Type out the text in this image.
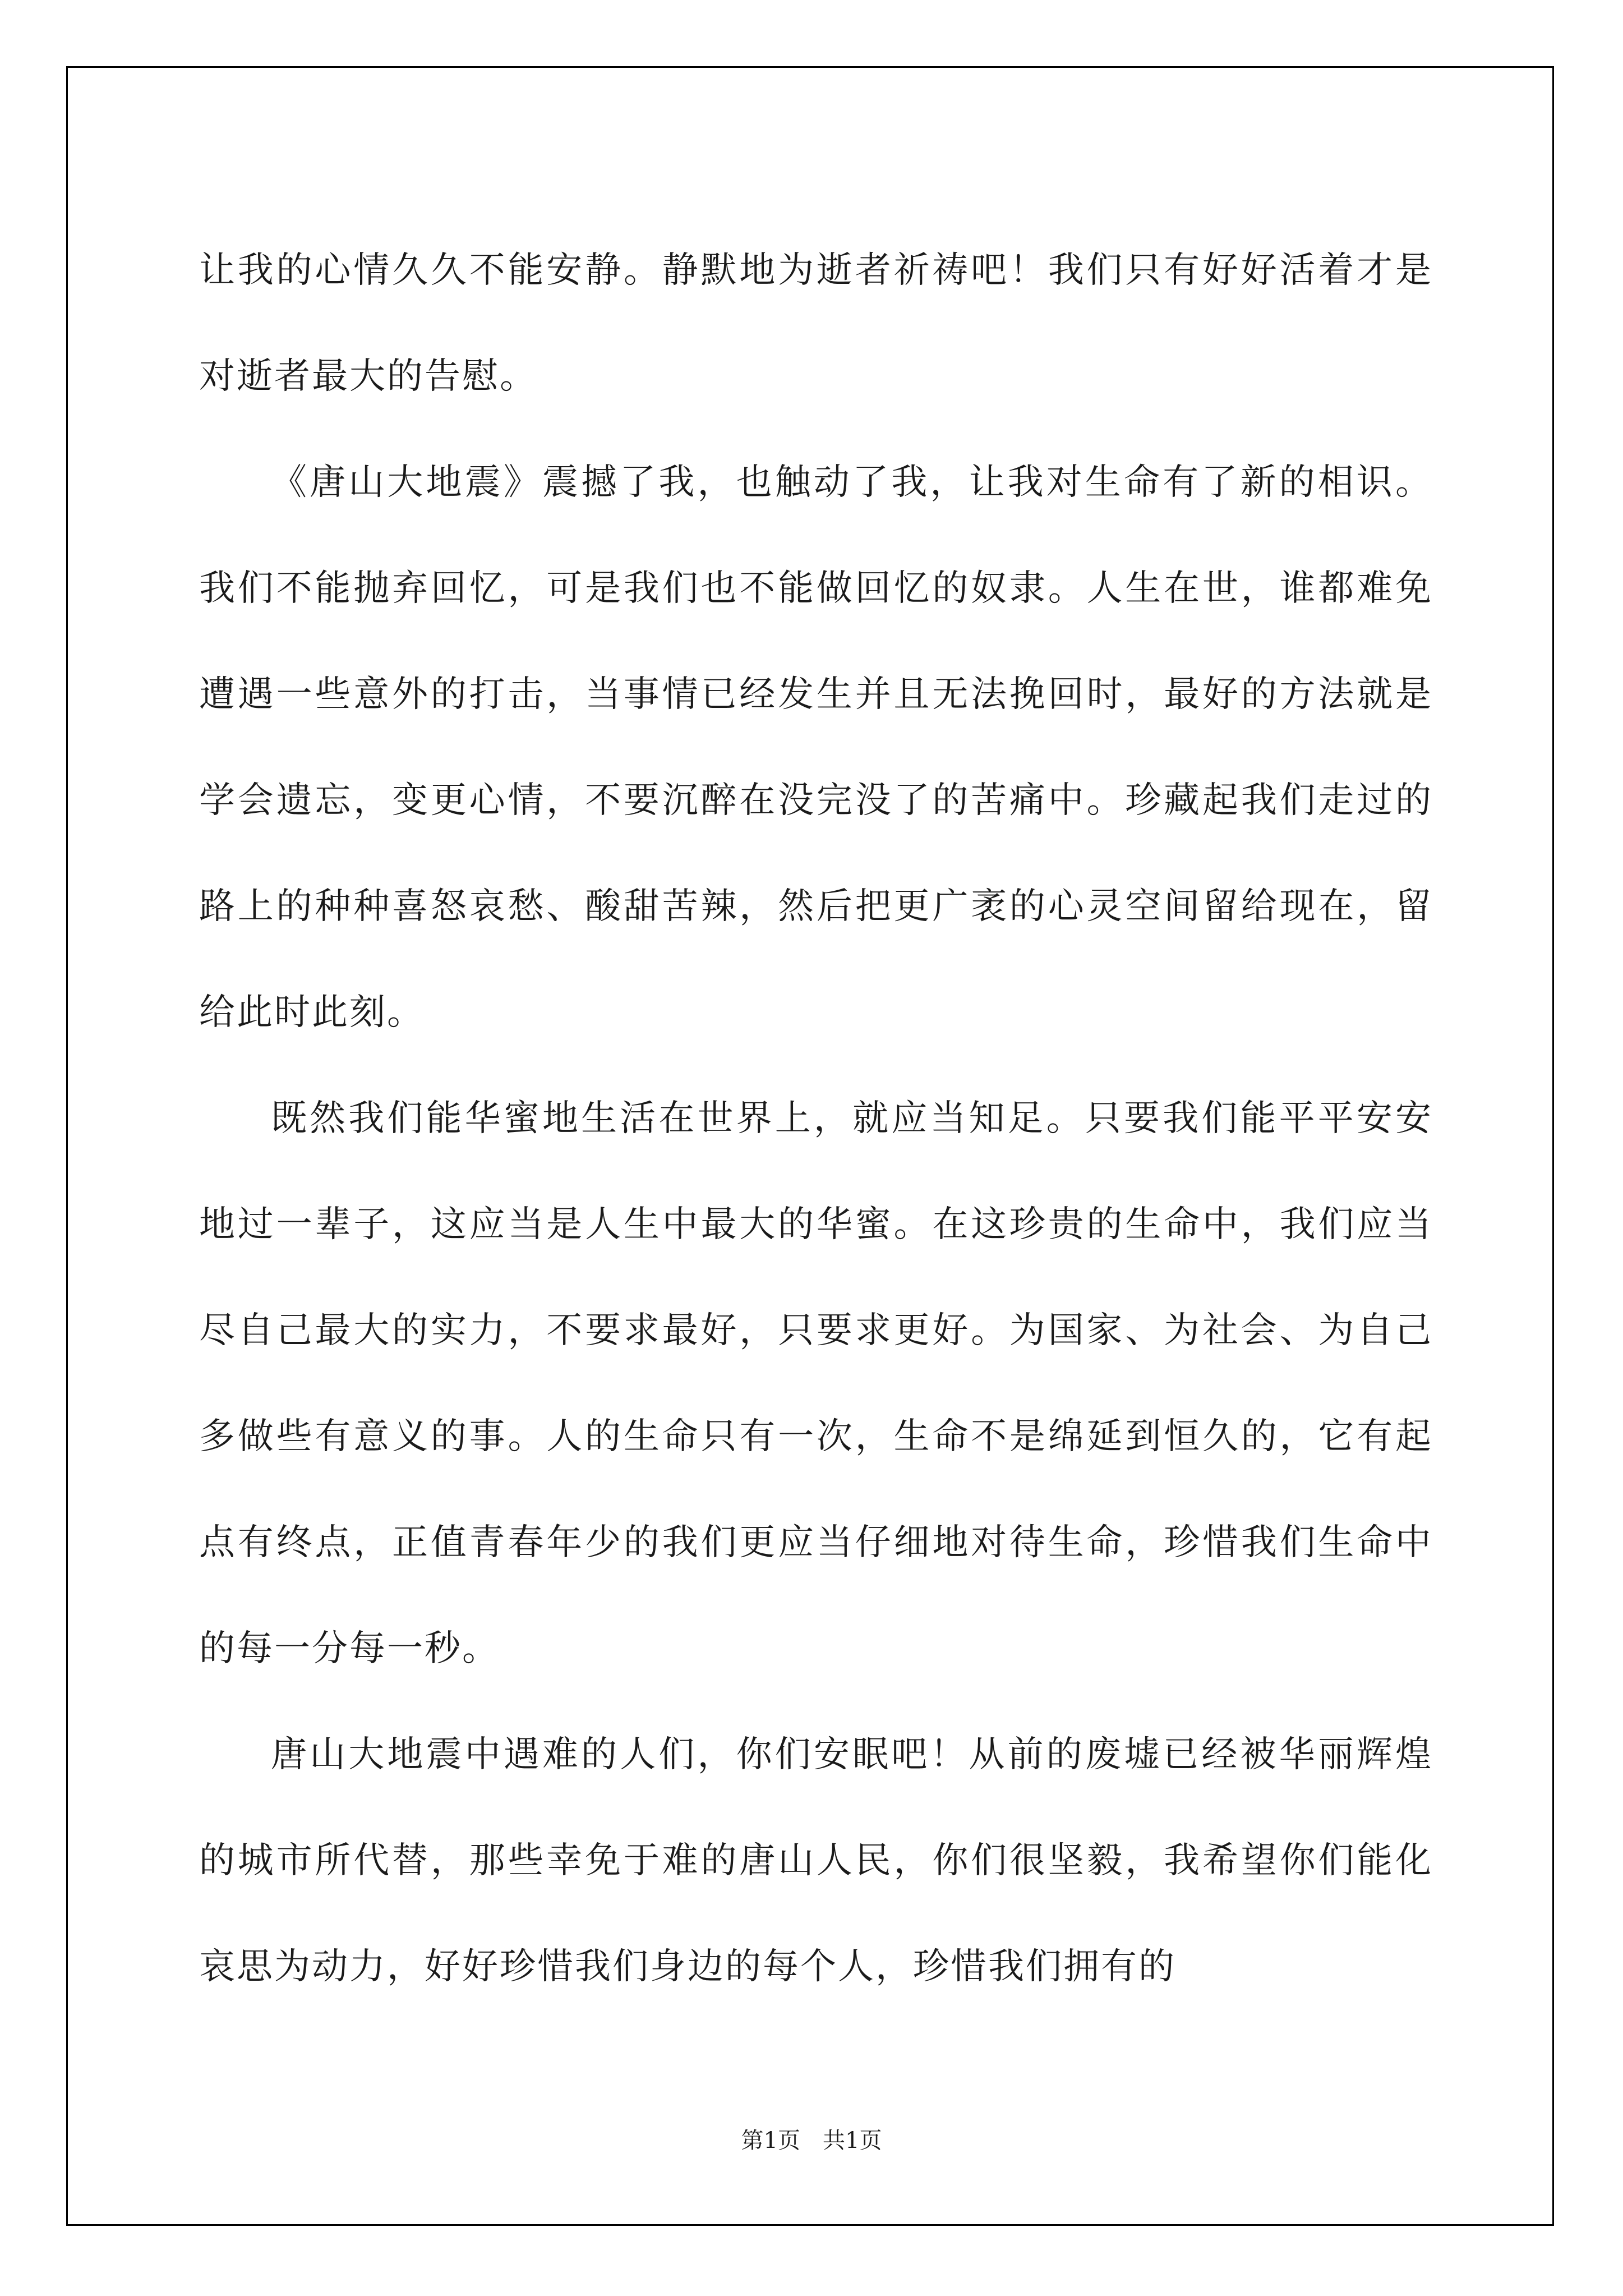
让我的心情久久不能安静。静默地为逝者祈祷吧！我们只有好好活着才是对逝者最大的告慰。

《唐山大地震》震撼了我，也触动了我，让我对生命有了新的相识。我们不能抛弃回忆，可是我们也不能做回忆的奴隶。人生在世，谁都难免遭遇一些意外的打击，当事情已经发生并且无法挽回时，最好的方法就是学会遗忘，变更心情，不要沉醉在没完没了的苦痛中。珍藏起我们走过的路上的种种喜怒哀愁、酸甜苦辣，然后把更广袤的心灵空间留给现在，留给此时此刻。

既然我们能华蜜地生活在世界上，就应当知足。只要我们能平平安安地过一辈子，这应当是人生中最大的华蜜。在这珍贵的生命中，我们应当尽自己最大的实力，不要求最好，只要求更好。为国家、为社会、为自己多做些有意义的事。人的生命只有一次，生命不是绵延到恒久的，它有起点有终点，正值青春年少的我们更应当仔细地对待生命，珍惜我们生命中的每一分每一秒。

唐山大地震中遇难的人们，你们安眠吧！从前的废墟已经被华丽辉煌的城市所代替，那些幸免于难的唐山人民，你们很坚毅，我希望你们能化哀思为动力，好好珍惜我们身边的每个人，珍惜我们拥有的

第1页 共1页
